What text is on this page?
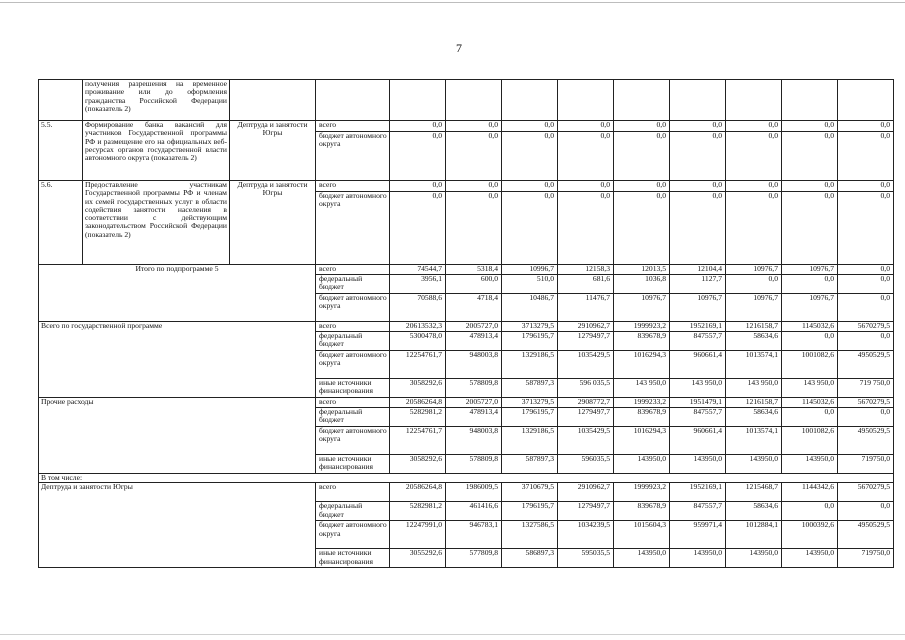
7
	получения разрешения на временное проживание или до оформления гражданства Российской Федерации (показатель 2)											
5.5.	Формирование банка вакансий для участников Государственной программы РФ и размещение его на официальных веб-ресурсах органов государственной власти автономного округа (показатель 2)	Дептруда и занятости Югры	всего	0,0	0,0	0,0	0,0	0,0	0,0	0,0	0,0	0,0
			бюджет автономного округа	0,0	0,0	0,0	0,0	0,0	0,0	0,0	0,0	0,0
5.6.	Предоставление участникам Государственной программы РФ и членам их семей государственных услуг в области содействия занятости населения в соответствии с действующим законодательством Российской Федерации (показатель 2)	Дептруда и занятости Югры	всего	0,0	0,0	0,0	0,0	0,0	0,0	0,0	0,0	0,0
			бюджет автономного округа	0,0	0,0	0,0	0,0	0,0	0,0	0,0	0,0	0,0
Итого по подпрограмме 5			всего	74544,7	5318,4	10996,7	12158,3	12013,5	12104,4	10976,7	10976,7	0,0
			федеральный бюджет	3956,1	600,0	510,0	681,6	1036,8	1127,7	0,0	0,0	0,0
			бюджет автономного округа	70588,6	4718,4	10486,7	11476,7	10976,7	10976,7	10976,7	10976,7	0,0
Всего по государственной программе			всего	20613532,3	2005727,0	3713279,5	2910962,7	1999923,2	1952169,1	1216158,7	1145032,6	5670279,5
			федеральный бюджет	5300478,0	478913,4	1796195,7	1279497,7	839678,9	847557,7	58634,6	0,0	0,0
			бюджет автономного округа	12254761,7	948003,8	1329186,5	1035429,5	1016294,3	960661,4	1013574,1	1001082,6	4950529,5
			иные источники финансирования	3058292,6	578809,8	587897,3	596 035,5	143 950,0	143 950,0	143 950,0	143 950,0	719 750,0
Прочие расходы			всего	20586264,8	2005727,0	3713279,5	2908772,7	1999233,2	1951479,1	1216158,7	1145032,6	5670279,5
			федеральный бюджет	5282981,2	478913,4	1796195,7	1279497,7	839678,9	847557,7	58634,6	0,0	0,0
			бюджет автономного округа	12254761,7	948003,8	1329186,5	1035429,5	1016294,3	960661,4	1013574,1	1001082,6	4950529,5
			иные источники финансирования	3058292,6	578809,8	587897,3	596035,5	143950,0	143950,0	143950,0	143950,0	719750,0
В том числе:												
Дептруда и занятости Югры			всего	20586264,8	1986009,5	3710679,5	2910962,7	1999923,2	1952169,1	1215468,7	1144342,6	5670279,5
			федеральный бюджет	5282981,2	461416,6	1796195,7	1279497,7	839678,9	847557,7	58634,6	0,0	0,0
			бюджет автономного округа	12247991,0	946783,1	1327586,5	1034239,5	1015604,3	959971,4	1012884,1	1000392,6	4950529,5
			иные источники финансирования	3055292,6	577809,8	586897,3	595035,5	143950,0	143950,0	143950,0	143950,0	719750,0
